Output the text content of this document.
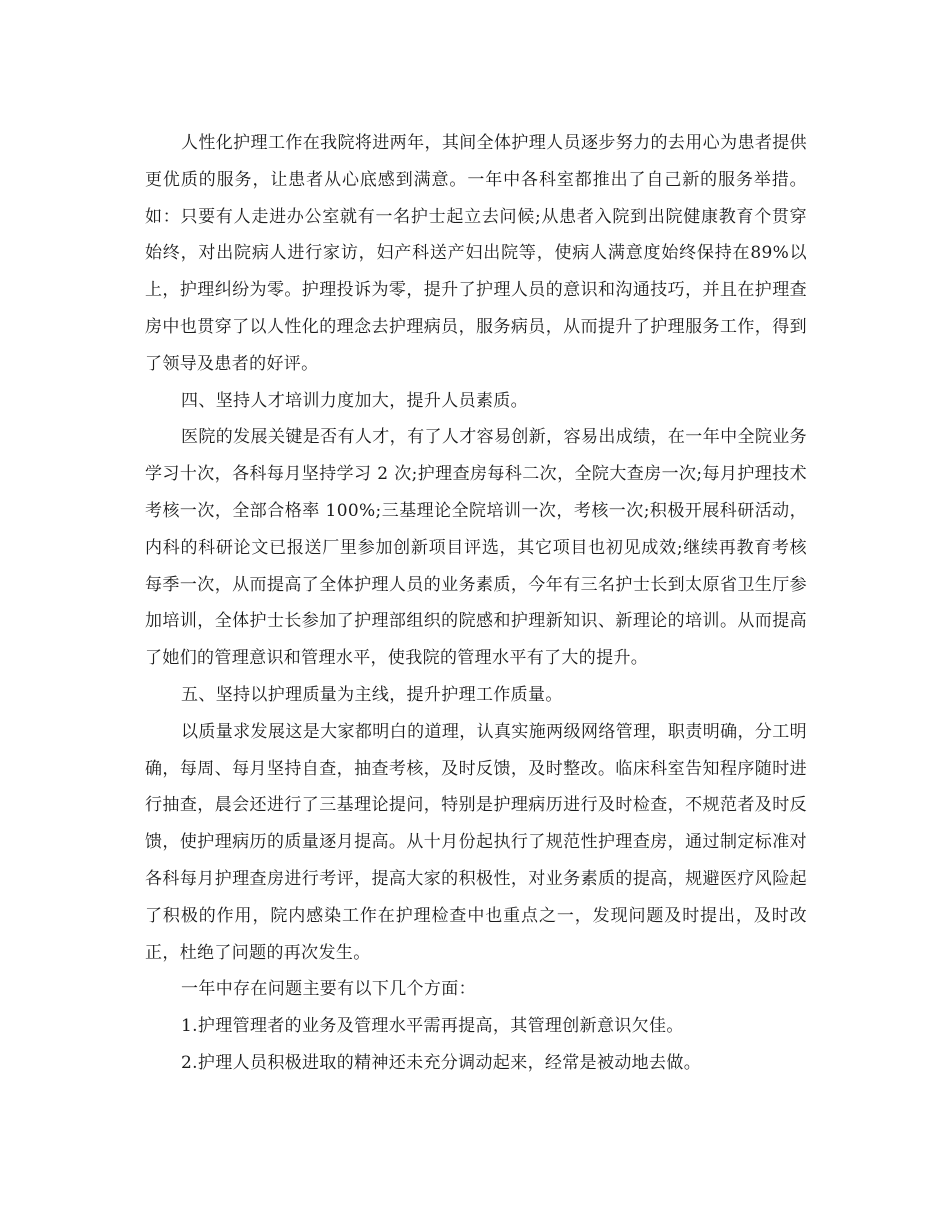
人性化护理工作在我院将进两年，其间全体护理人员逐步努力的去用心为患者提供更优质的服务，让患者从心底感到满意。一年中各科室都推出了自己新的服务举措。如：只要有人走进办公室就有一名护士起立去问候;从患者入院到出院健康教育个贯穿始终，对出院病人进行家访，妇产科送产妇出院等，使病人满意度始终保持在89%以上，护理纠纷为零。护理投诉为零，提升了护理人员的意识和沟通技巧，并且在护理查房中也贯穿了以人性化的理念去护理病员，服务病员，从而提升了护理服务工作，得到了领导及患者的好评。

四、坚持人才培训力度加大，提升人员素质。

医院的发展关键是否有人才，有了人才容易创新，容易出成绩，在一年中全院业务学习十次，各科每月坚持学习 2 次;护理查房每科二次，全院大查房一次;每月护理技术考核一次，全部合格率 100%;三基理论全院培训一次，考核一次;积极开展科研活动，内科的科研论文已报送厂里参加创新项目评选，其它项目也初见成效;继续再教育考核每季一次，从而提高了全体护理人员的业务素质，今年有三名护士长到太原省卫生厅参加培训，全体护士长参加了护理部组织的院感和护理新知识、新理论的培训。从而提高了她们的管理意识和管理水平，使我院的管理水平有了大的提升。

五、坚持以护理质量为主线，提升护理工作质量。

以质量求发展这是大家都明白的道理，认真实施两级网络管理，职责明确，分工明确，每周、每月坚持自查，抽查考核，及时反馈，及时整改。临床科室告知程序随时进行抽查，晨会还进行了三基理论提问，特别是护理病历进行及时检查，不规范者及时反馈，使护理病历的质量逐月提高。从十月份起执行了规范性护理查房，通过制定标准对各科每月护理查房进行考评，提高大家的积极性，对业务素质的提高，规避医疗风险起了积极的作用，院内感染工作在护理检查中也重点之一，发现问题及时提出，及时改正，杜绝了问题的再次发生。

一年中存在问题主要有以下几个方面：

1.护理管理者的业务及管理水平需再提高，其管理创新意识欠佳。

2.护理人员积极进取的精神还未充分调动起来，经常是被动地去做。
